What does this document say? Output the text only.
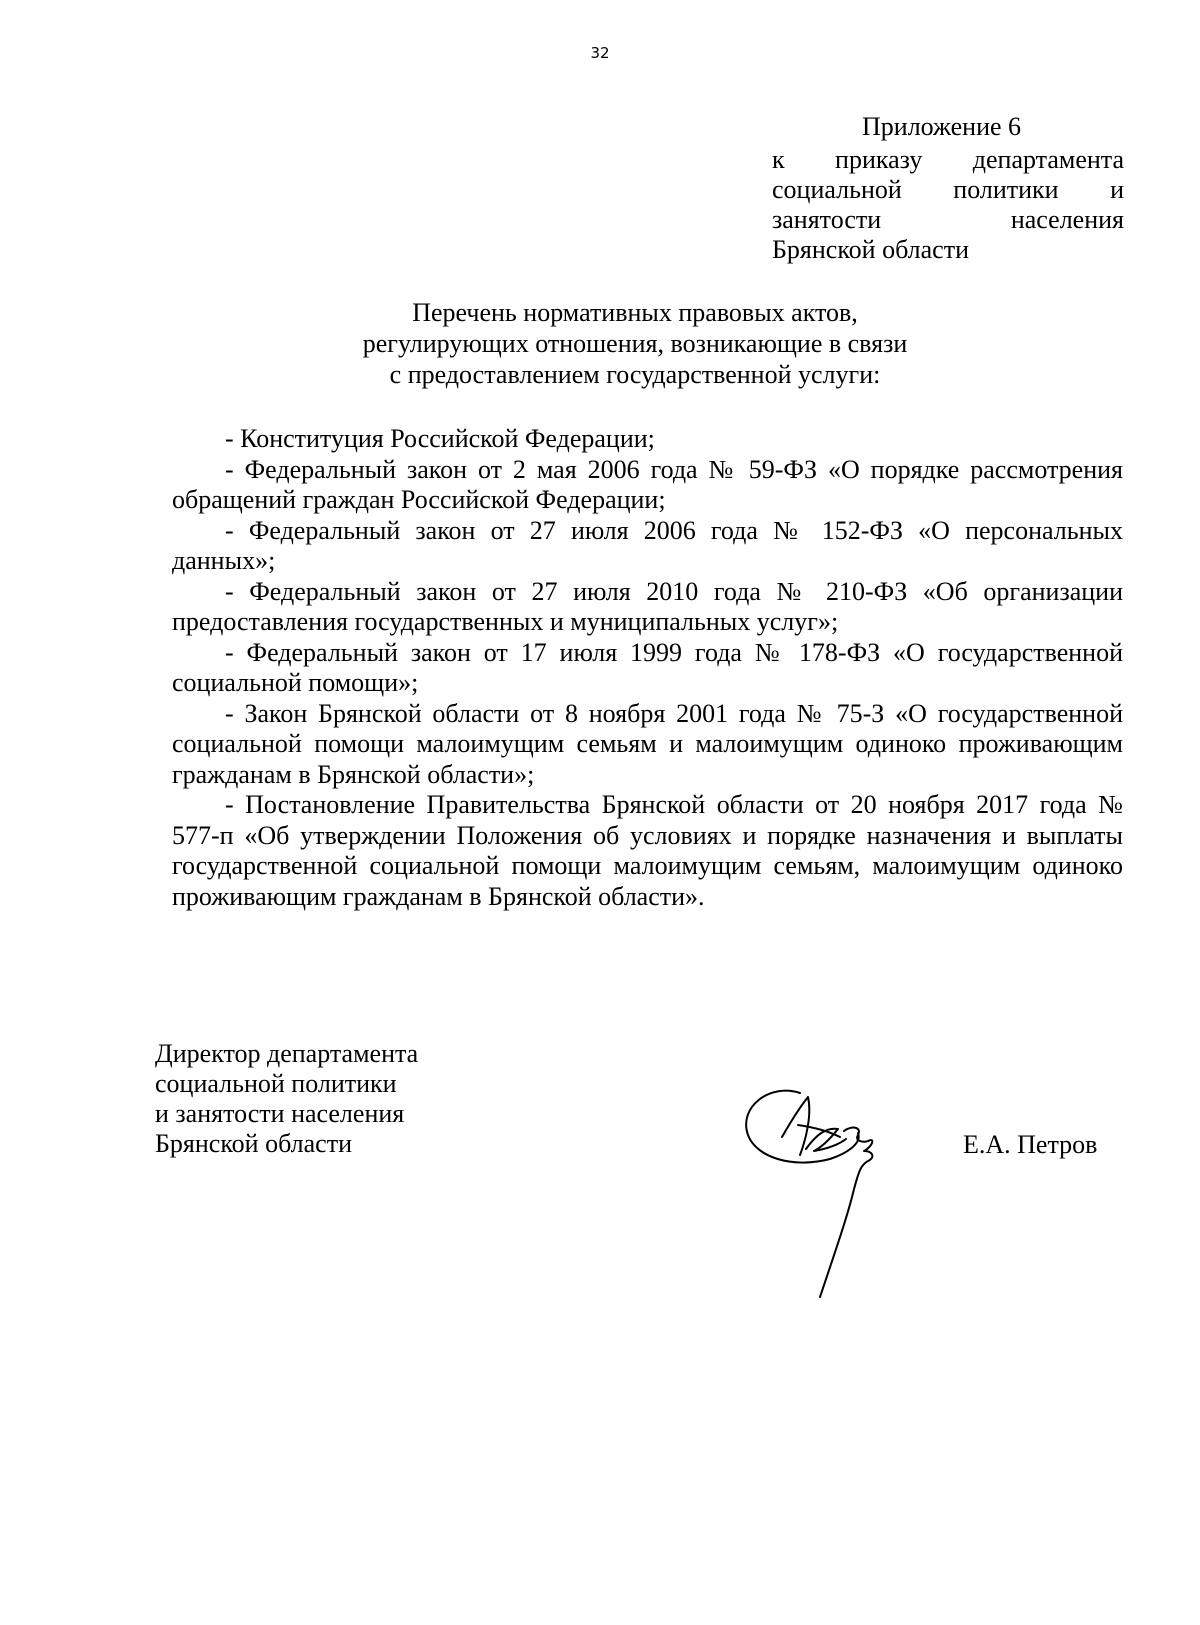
32
Приложение 6
к приказу департамента
социальной политики и
занятости	населения
Брянской области
Перечень нормативных правовых актов,
регулирующих отношения, возникающие в связи
с предоставлением государственной услуги:
- Конституция Российской Федерации;
- Федеральный закон от 2 мая 2006 года № 59-ФЗ «О порядке рассмотрения обращений граждан Российской Федерации;
- Федеральный закон от 27 июля 2006 года № 152-ФЗ «О персональных данных»;
- Федеральный закон от 27 июля 2010 года № 210-ФЗ «Об организации предоставления государственных и муниципальных услуг»;
- Федеральный закон от 17 июля 1999 года № 178-ФЗ «О государственной социальной помощи»;
- Закон Брянской области от 8 ноября 2001 года № 75-З «О государственной социальной помощи малоимущим семьям и малоимущим одиноко проживающим гражданам в Брянской области»;
- Постановление Правительства Брянской области от 20 ноября 2017 года № 577-п «Об утверждении Положения об условиях и порядке назначения и выплаты государственной социальной помощи малоимущим семьям, малоимущим одиноко проживающим гражданам в Брянской области».
Директор департамента
социальной политики
и занятости населения
Брянской области	Е.А. Петров
